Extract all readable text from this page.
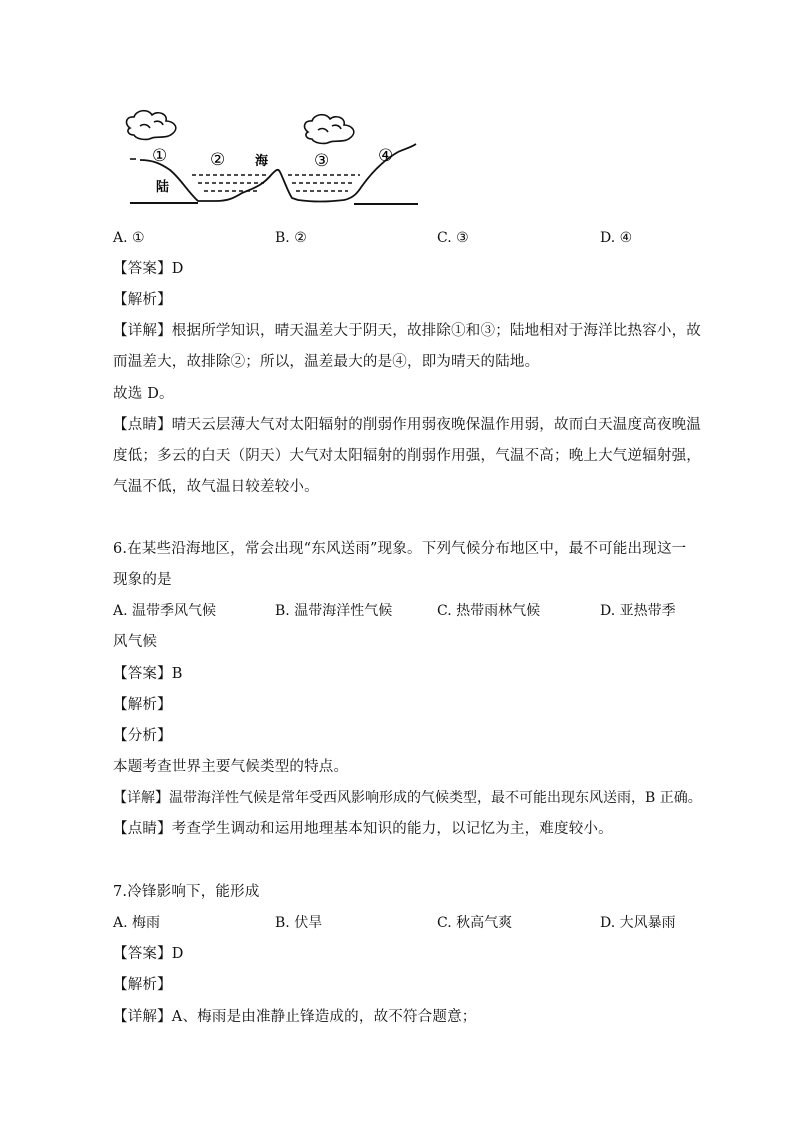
①	② 海	③	④
陆
A. ①	B. ②	C. ③	D. ④
【答案】D
【解析】
【详解】根据所学知识，晴天温差大于阴天，故排除①和③；陆地相对于海洋比热容小，故
而温差大，故排除②；所以，温差最大的是④，即为晴天的陆地。
故选 D。
【点睛】晴天云层薄大气对太阳辐射的削弱作用弱夜晚保温作用弱，故而白天温度高夜晚温
度低；多云的白天（阴天）大气对太阳辐射的削弱作用强，气温不高；晚上大气逆辐射强，
气温不低，故气温日较差较小。
6.在某些沿海地区，常会出现“东风送雨”现象。下列气候分布地区中，最不可能出现这一
现象的是
A. 温带季风气候	B. 温带海洋性气候	C. 热带雨林气候	D. 亚热带季
风气候
【答案】B
【解析】
【分析】
本题考查世界主要气候类型的特点。
【详解】温带海洋性气候是常年受西风影响形成的气候类型，最不可能出现东风送雨，B 正确。
【点睛】考查学生调动和运用地理基本知识的能力，以记忆为主，难度较小。
7.冷锋影响下，能形成
A. 梅雨	B. 伏旱	C. 秋高气爽	D. 大风暴雨
【答案】D
【解析】
【详解】A、梅雨是由准静止锋造成的，故不符合题意；
